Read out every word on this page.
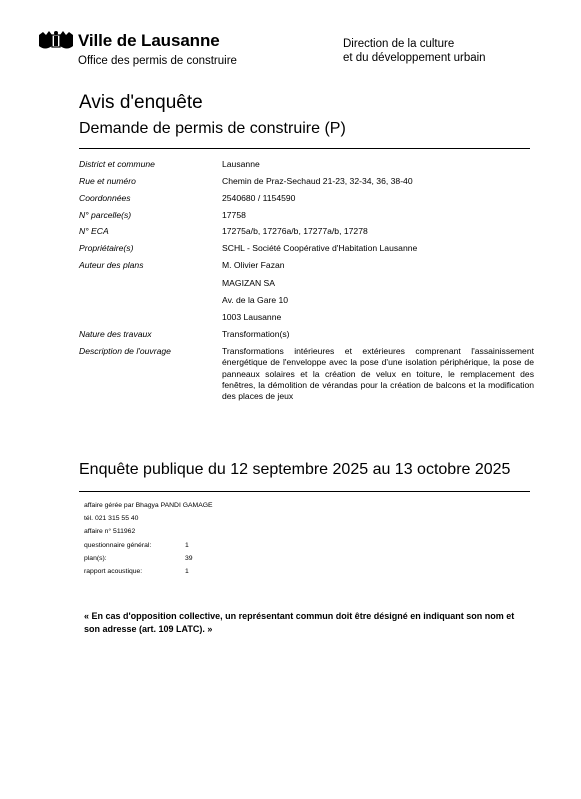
Ville de Lausanne
Office des permis de construire
Direction de la culture
et du développement urbain
Avis d'enquête
Demande de permis de construire (P)
District et commune	Lausanne
Rue et numéro	Chemin de Praz-Sechaud 21-23, 32-34, 36, 38-40
Coordonnées	2540680 / 1154590
N° parcelle(s)	17758
N° ECA	17275a/b, 17276a/b, 17277a/b, 17278
Propriétaire(s)	SCHL - Société Coopérative d'Habitation Lausanne
Auteur des plans	M. Olivier Fazan
MAGIZAN SA
Av. de la Gare 10
1003 Lausanne
Nature des travaux	Transformation(s)
Description de l'ouvrage	Transformations intérieures et extérieures comprenant l'assainissement énergétique de l'enveloppe avec la pose d'une isolation périphérique, la pose de panneaux solaires et la création de velux en toiture, le remplacement des fenêtres, la démolition de vérandas pour la création de balcons et la modification des places de jeux
Enquête publique du 12 septembre 2025 au 13 octobre 2025
affaire gérée par Bhagya PANDI GAMAGE
tél. 021 315 55 40
affaire n° 511962
questionnaire général:	1
plan(s):	39
rapport acoustique:	1
« En cas d'opposition collective, un représentant commun doit être désigné en indiquant son nom et son adresse (art. 109 LATC). »
